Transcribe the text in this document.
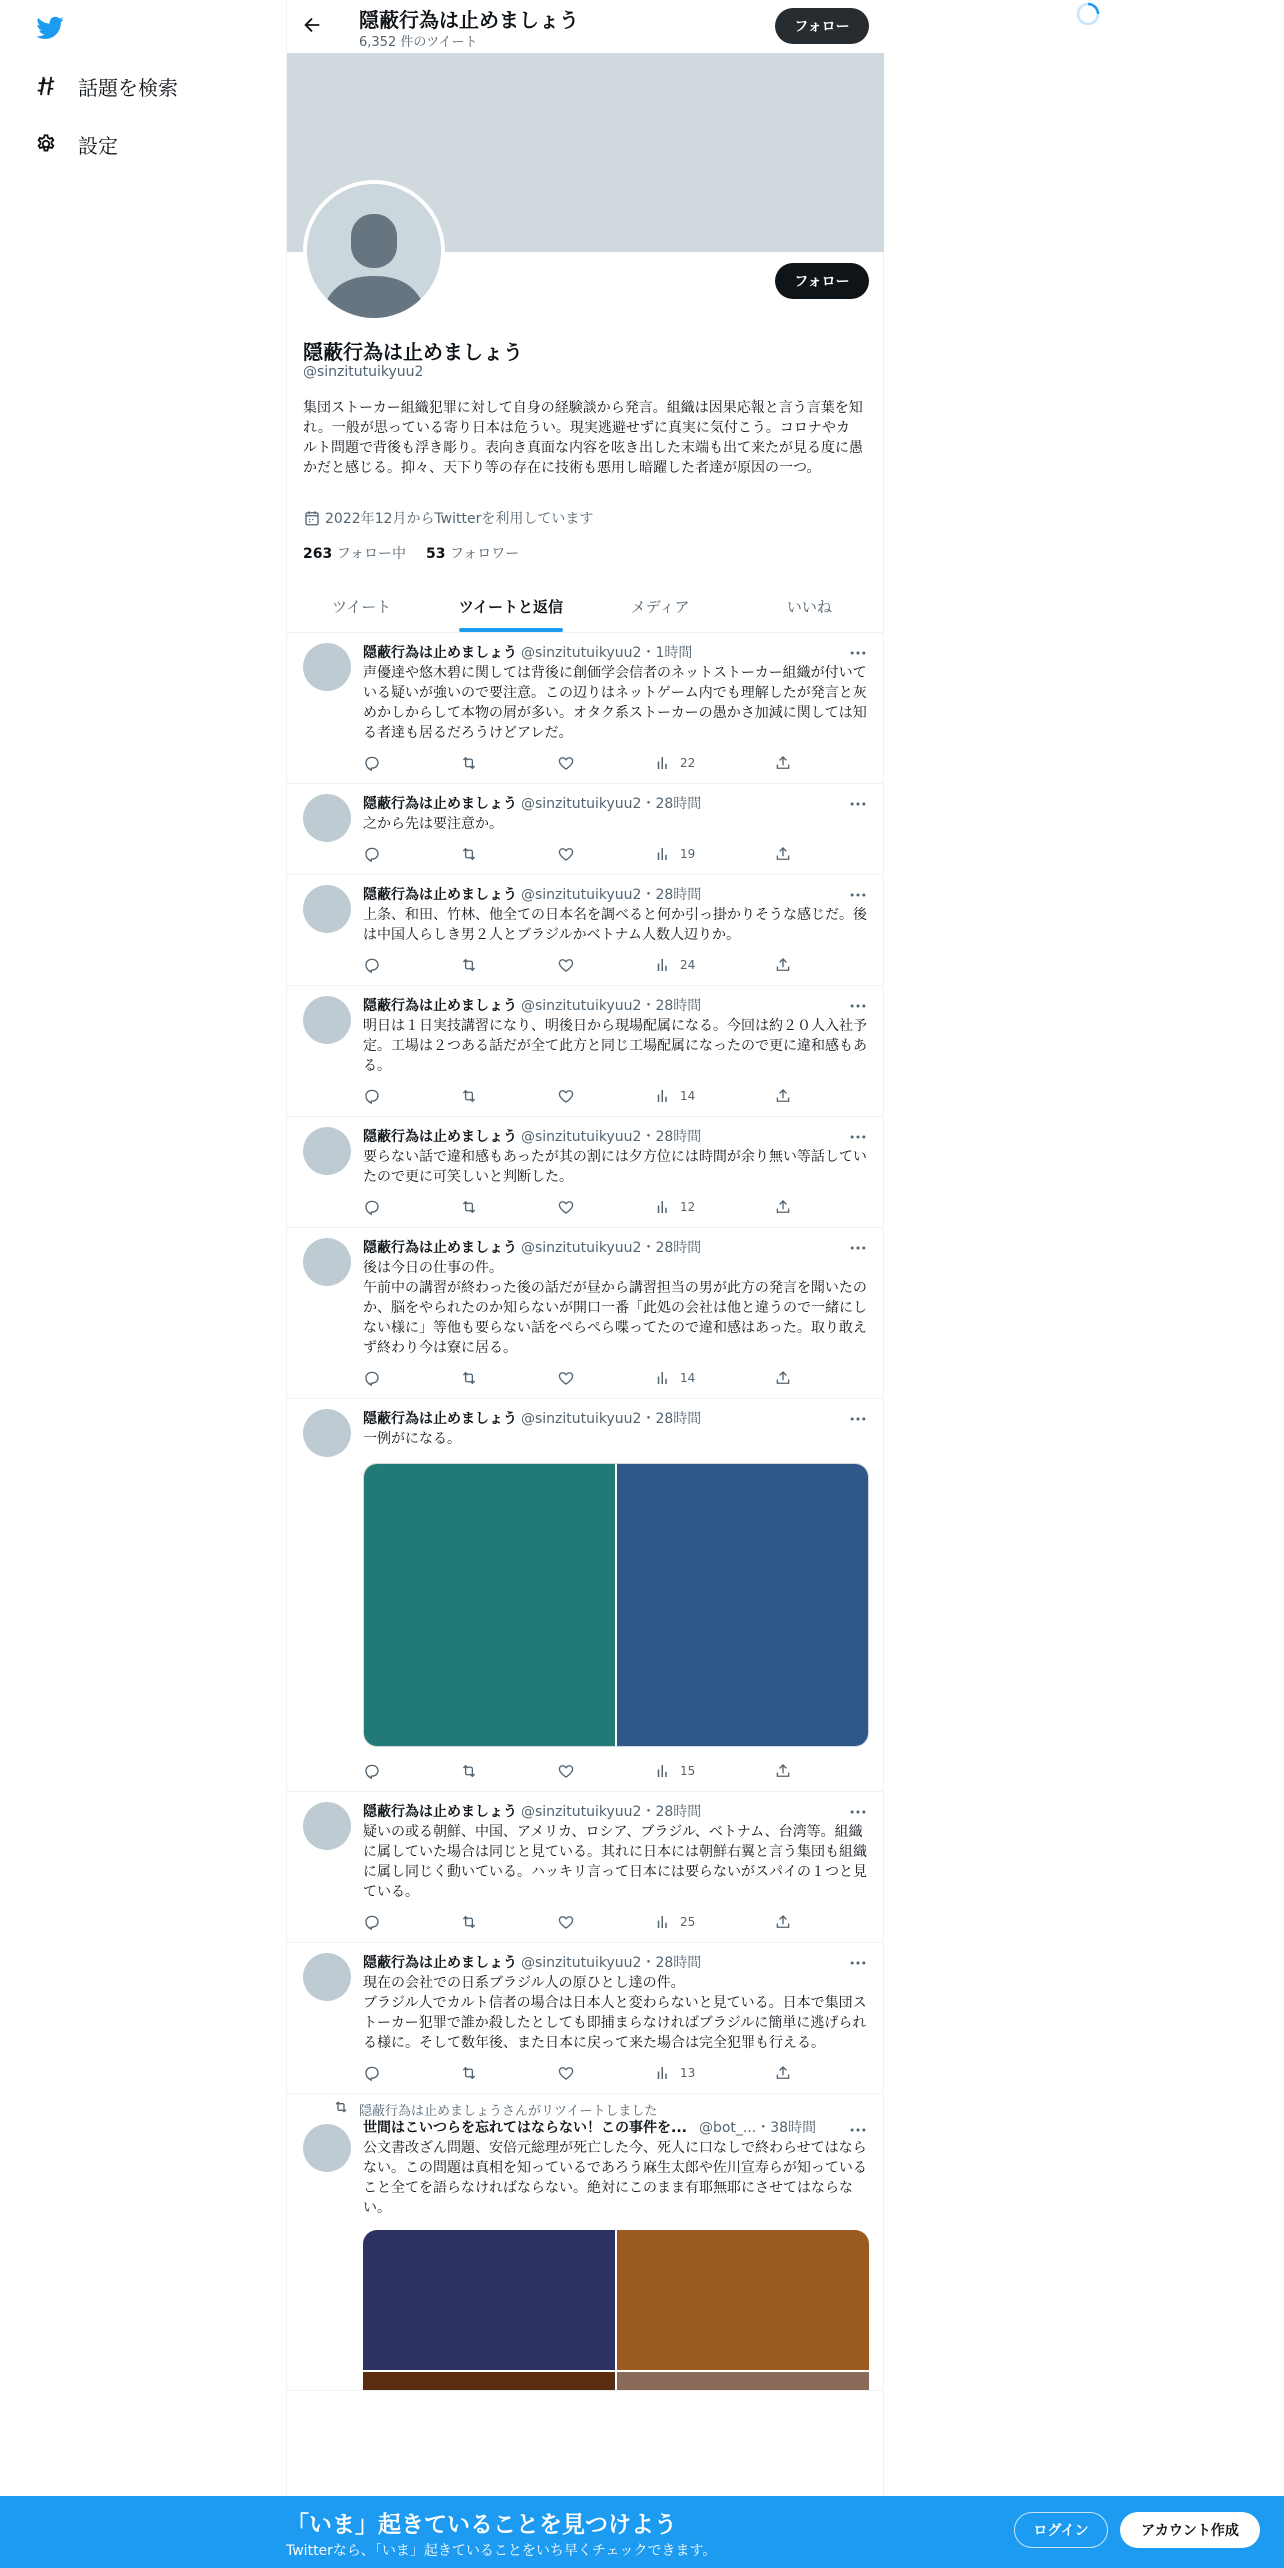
話題を検索
設定
隠蔽行為は止めましょう
6,352 件のツイート
フォロー
フォロー
隠蔽行為は止めましょう
@sinzitutuikyuu2
集団ストーカー組織犯罪に対して自身の経験談から発言。組織は因果応報と言う言葉を知れ。一般が思っている寄り日本は危うい。現実逃避せずに真実に気付こう。コロナやカルト問題で背後も浮き彫り。表向き真面な内容を呟き出した末端も出て来たが見る度に愚かだと感じる。抑々、天下り等の存在に技術も悪用し暗躍した者達が原因の一つ。
2022年12月からTwitterを利用しています
263 フォロー中 53 フォロワー
ツイート	ツイートと返信	メディア	いいね
隠蔽行為は止めましょう @sinzitutuikyuu2 ・1時間
声優達や悠木碧に関しては背後に創価学会信者のネットストーカー組織が付いている疑いが強いので要注意。この辺りはネットゲーム内でも理解したが発言と灰めかしからして本物の屑が多い。オタク系ストーカーの愚かさ加減に関しては知る者達も居るだろうけどアレだ。
22
隠蔽行為は止めましょう @sinzitutuikyuu2 ・28時間
之から先は要注意か。
19
隠蔽行為は止めましょう @sinzitutuikyuu2 ・28時間
上条、和田、竹林、他全ての日本名を調べると何か引っ掛かりそうな感じだ。後は中国人らしき男２人とブラジルかベトナム人数人辺りか。
24
隠蔽行為は止めましょう @sinzitutuikyuu2 ・28時間
明日は１日実技講習になり、明後日から現場配属になる。今回は約２０人入社予定。工場は２つある話だが全て此方と同じ工場配属になったので更に違和感もある。
14
隠蔽行為は止めましょう @sinzitutuikyuu2 ・28時間
要らない話で違和感もあったが其の割には夕方位には時間が余り無い等話していたので更に可笑しいと判断した。
12
隠蔽行為は止めましょう @sinzitutuikyuu2 ・28時間
後は今日の仕事の件。
午前中の講習が終わった後の話だが昼から講習担当の男が此方の発言を聞いたのか、脳をやられたのか知らないが開口一番「此処の会社は他と違うので一緒にしない様に」等他も要らない話をぺらぺら喋ってたので違和感はあった。取り敢えず終わり今は寮に居る。
14
隠蔽行為は止めましょう @sinzitutuikyuu2 ・28時間
一例がになる。
15
隠蔽行為は止めましょう @sinzitutuikyuu2 ・28時間
疑いの或る朝鮮、中国、アメリカ、ロシア、ブラジル、ベトナム、台湾等。組織に属していた場合は同じと見ている。其れに日本には朝鮮右翼と言う集団も組織に属し同じく動いている。ハッキリ言って日本には要らないがスパイの１つと見ている。
25
隠蔽行為は止めましょう @sinzitutuikyuu2 ・28時間
現在の会社での日系ブラジル人の原ひとし達の件。
ブラジル人でカルト信者の場合は日本人と変わらないと見ている。日本で集団ストーカー犯罪で誰か殺したとしても即捕まらなければブラジルに簡単に逃げられる様に。そして数年後、また日本に戻って来た場合は完全犯罪も行える。
13
隠蔽行為は止めましょうさんがリツイートしました
世間はこいつらを忘れてはならない！この事件を... @bot_... ・38時間
公文書改ざん問題、安倍元総理が死亡した今、死人に口なしで終わらせてはならない。この問題は真相を知っているであろう麻生太郎や佐川宣寿らが知っていること全てを語らなければならない。絶対にこのまま有耶無耶にさせてはならない。
「いま」起きていることを見つけよう
Twitterなら、「いま」起きていることをいち早くチェックできます。
ログイン	アカウント作成
